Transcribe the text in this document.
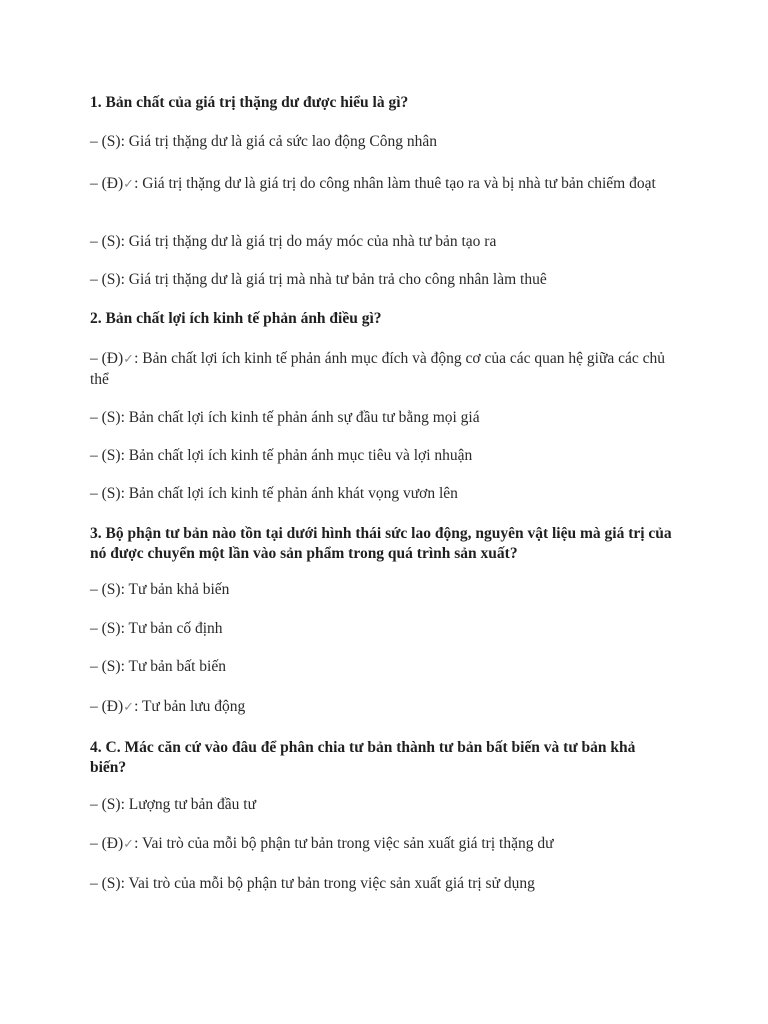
1. Bản chất của giá trị thặng dư được hiểu là gì?
– (S): Giá trị thặng dư là giá cả sức lao động Công nhân
– (Đ)✓: Giá trị thặng dư là giá trị do công nhân làm thuê tạo ra và bị nhà tư bản chiếm đoạt
– (S): Giá trị thặng dư là giá trị do máy móc của nhà tư bản tạo ra
– (S): Giá trị thặng dư là giá trị mà nhà tư bản trả cho công nhân làm thuê
2. Bản chất lợi ích kinh tế phản ánh điều gì?
– (Đ)✓: Bản chất lợi ích kinh tế phản ánh mục đích và động cơ của các quan hệ giữa các chủ thể
– (S): Bản chất lợi ích kinh tế phản ánh sự đầu tư bằng mọi giá
– (S): Bản chất lợi ích kinh tế phản ánh mục tiêu và lợi nhuận
– (S): Bản chất lợi ích kinh tế phản ánh khát vọng vươn lên
3. Bộ phận tư bản nào tồn tại dưới hình thái sức lao động, nguyên vật liệu mà giá trị của nó được chuyển một lần vào sản phẩm trong quá trình sản xuất?
– (S): Tư bản khả biến
– (S): Tư bản cố định
– (S): Tư bản bất biến
– (Đ)✓: Tư bản lưu động
4. C. Mác căn cứ vào đâu để phân chia tư bản thành tư bản bất biến và tư bản khả biến?
– (S): Lượng tư bản đầu tư
– (Đ)✓: Vai trò của mỗi bộ phận tư bản trong việc sản xuất giá trị thặng dư
– (S): Vai trò của mỗi bộ phận tư bản trong việc sản xuất giá trị sử dụng
